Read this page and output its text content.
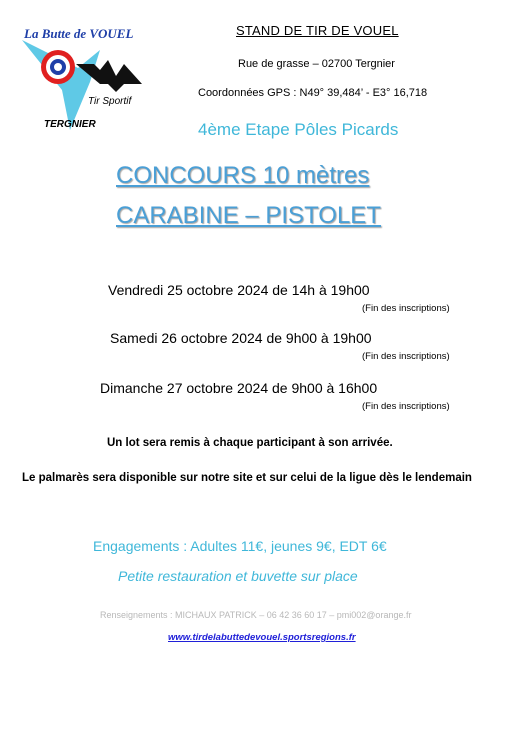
La Butte de VOUEL
Tir Sportif
TERGNIER
STAND DE TIR DE VOUEL
Rue de grasse – 02700 Tergnier
Coordonnées GPS : N49° 39,484’ - E3° 16,718
4ème Etape Pôles Picards
CONCOURS 10 mètres
CARABINE – PISTOLET
Vendredi 25 octobre 2024 de 14h à 19h00
(Fin des inscriptions)
Samedi 26 octobre 2024 de 9h00 à 19h00
(Fin des inscriptions)
Dimanche 27 octobre 2024 de 9h00 à 16h00
(Fin des inscriptions)
Un lot sera remis à chaque participant à son arrivée.
Le palmarès sera disponible sur notre site et sur celui de la ligue dès le lendemain
Engagements : Adultes 11€, jeunes 9€, EDT 6€
Petite restauration et buvette sur place
Renseignements : MICHAUX PATRICK – 06 42 36 60 17 – pmi002@orange.fr
www.tirdelabuttedevouel.sportsregions.fr
